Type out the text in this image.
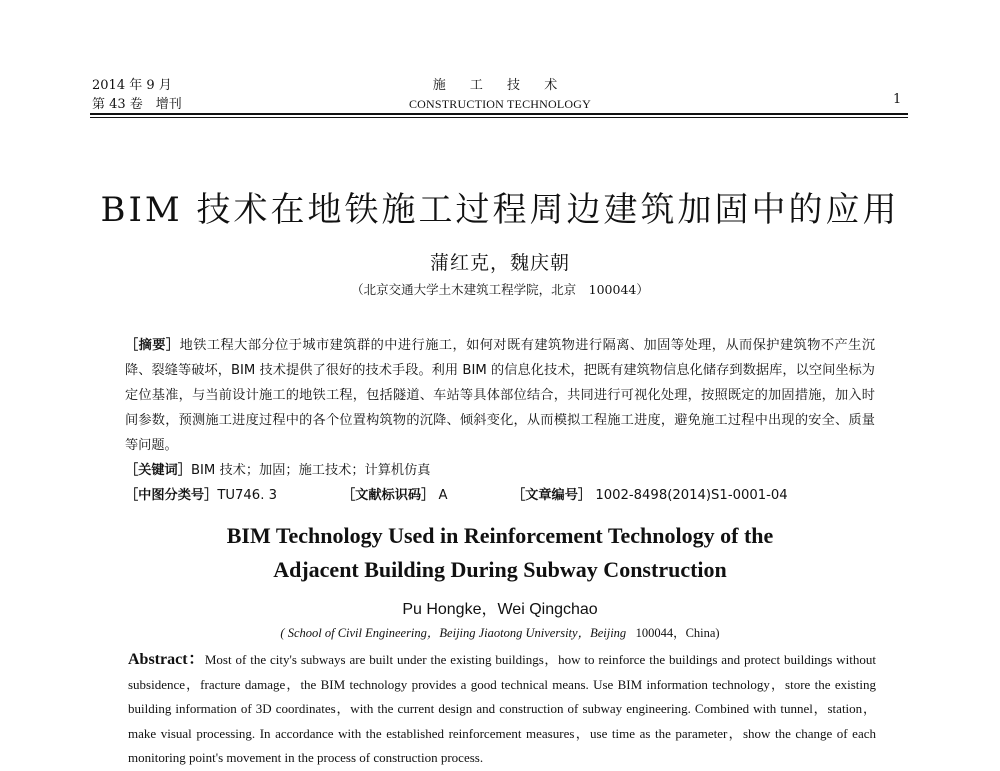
2014 年 9 月
第 43 卷　增刊
施 工 技 术
CONSTRUCTION TECHNOLOGY	1
BIM 技术在地铁施工过程周边建筑加固中的应用
蒲红克，魏庆朝
（北京交通大学土木建筑工程学院，北京　100044）
［摘要］地铁工程大部分位于城市建筑群的中进行施工，如何对既有建筑物进行隔离、加固等处理，从而保护建筑物不产生沉降、裂缝等破坏，BIM 技术提供了很好的技术手段。利用 BIM 的信息化技术，把既有建筑物信息化储存到数据库，以空间坐标为定位基准，与当前设计施工的地铁工程，包括隧道、车站等具体部位结合，共同进行可视化处理，按照既定的加固措施，加入时间参数，预测施工进度过程中的各个位置构筑物的沉降、倾斜变化，从而模拟工程施工进度，避免施工过程中出现的安全、质量等问题。
［关键词］BIM 技术；加固；施工技术；计算机仿真
［中图分类号］TU746. 3	［文献标识码］ A	［文章编号］ 1002-8498(2014)S1-0001-04
BIM Technology Used in Reinforcement Technology of the
Adjacent Building During Subway Construction
Pu Hongke，Wei Qingchao
( School of Civil Engineering，Beijing Jiaotong University，Beijing 100044，China)
Abstract：Most of the city's subways are built under the existing buildings，how to reinforce the buildings and protect buildings without subsidence，fracture damage，the BIM technology provides a good technical means. Use BIM information technology，store the existing building information of 3D coordinates，with the current design and construction of subway engineering. Combined with tunnel，station，make visual processing. In accordance with the established reinforcement measures，use time as the parameter，show the change of each monitoring point's movement in the process of construction process.
